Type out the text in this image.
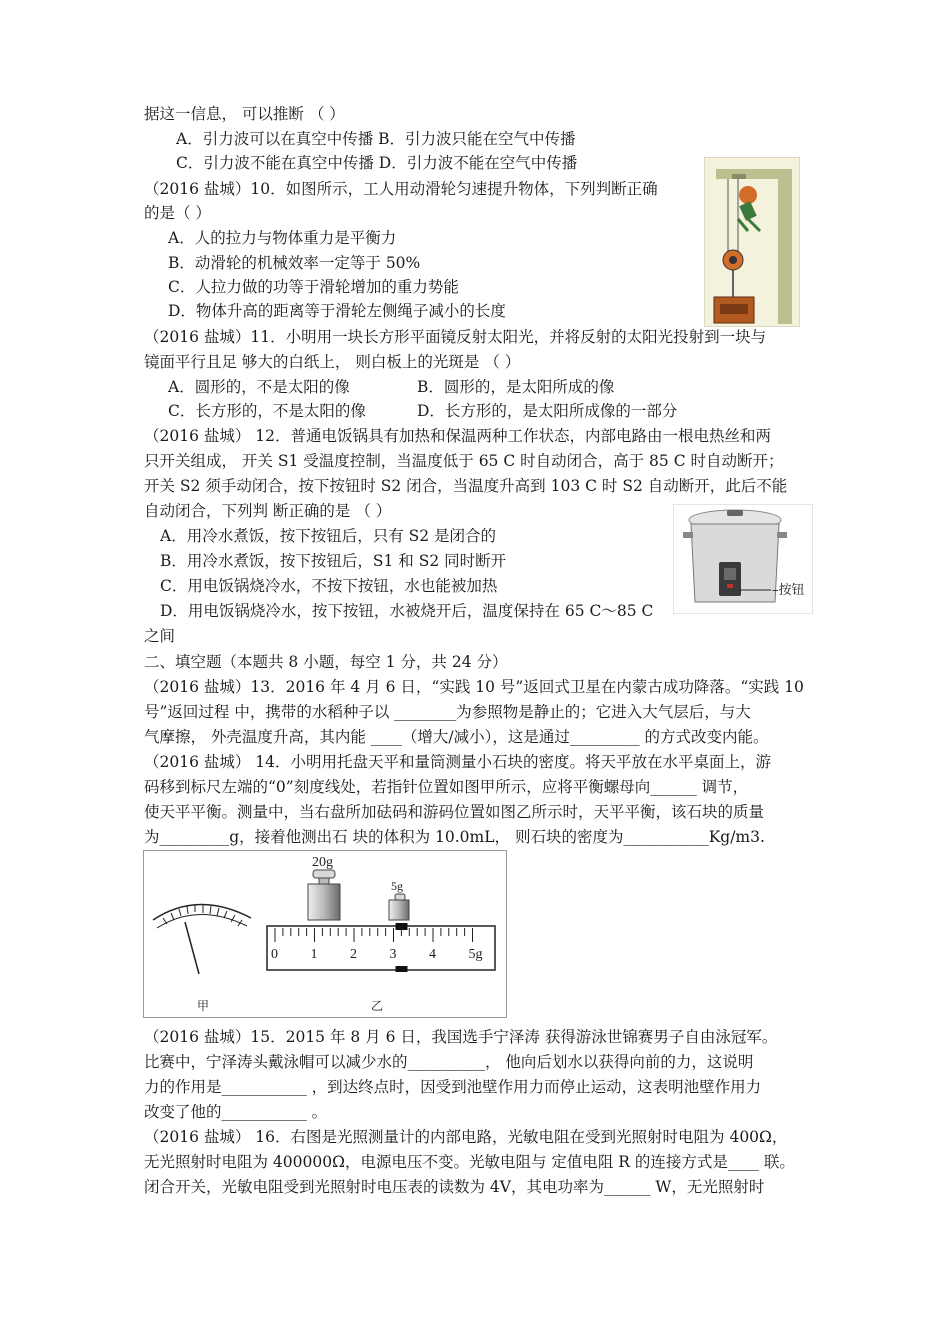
据这一信息， 可以推断 （ ）
A．引力波可以在真空中传播 B．引力波只能在空气中传播
C．引力波不能在真空中传播 D．引力波不能在空气中传播
（2016 盐城）10．如图所示，工人用动滑轮匀速提升物体，下列判断正确
的是（ ）
A．人的拉力与物体重力是平衡力
B．动滑轮的机械效率一定等于 50%
C．人拉力做的功等于滑轮增加的重力势能
D．物体升高的距离等于滑轮左侧绳子减小的长度
（2016 盐城）11．小明用一块长方形平面镜反射太阳光，并将反射的太阳光投射到一块与
镜面平行且足 够大的白纸上， 则白板上的光斑是 （ ）
A．圆形的，不是太阳的像	B．圆形的，是太阳所成的像
C．长方形的，不是太阳的像	D．长方形的，是太阳所成像的一部分
（2016 盐城） 12．普通电饭锅具有加热和保温两种工作状态，内部电路由一根电热丝和两
只开关组成， 开关 S1 受温度控制，当温度低于 65 C 时自动闭合，高于 85 C 时自动断开；
开关 S2 须手动闭合，按下按钮时 S2 闭合，当温度升高到 103 C 时 S2 自动断开，此后不能
自动闭合，下列判 断正确的是 （ ）
A．用冷水煮饭，按下按钮后，只有 S2 是闭合的
B．用冷水煮饭，按下按钮后，S1 和 S2 同时断开
C．用电饭锅烧冷水，不按下按钮，水也能被加热
D．用电饭锅烧冷水，按下按钮，水被烧开后，温度保持在 65 C～85 C
之间
–按钮
二、填空题（本题共 8 小题，每空 1 分，共 24 分）
（2016 盐城）13．2016 年 4 月 6 日，“实践 10 号”返回式卫星在内蒙古成功降落。“实践 10
号”返回过程 中，携带的水稻种子以 ________为参照物是静止的；它进入大气层后，与大
气摩擦， 外壳温度升高，其内能 ____（增大/减小），这是通过_________ 的方式改变内能。
（2016 盐城） 14．小明用托盘天平和量筒测量小石块的密度。将天平放在水平桌面上，游
码移到标尺左端的“0”刻度线处，若指针位置如图甲所示，应将平衡螺母向______ 调节，
使天平平衡。测量中，当右盘所加砝码和游码位置如图乙所示时，天平平衡，该石块的质量
为_________g，接着他测出石 块的体积为 10.0mL， 则石块的密度为___________Kg/m3.
甲
20g
5g
0 1 2 3 4 5g
乙
（2016 盐城）15．2015 年 8 月 6 日，我国选手宁泽涛 获得游泳世锦赛男子自由泳冠军。
比赛中，宁泽涛头戴泳帽可以减少水的__________， 他向后划水以获得向前的力，这说明
力的作用是___________ ，到达终点时，因受到池壁作用力而停止运动，这表明池壁作用力
改变了他的___________ 。
（2016 盐城） 16．右图是光照测量计的内部电路，光敏电阻在受到光照射时电阻为 400Ω，
无光照射时电阻为 400000Ω，电源电压不变。光敏电阻与 定值电阻 R 的连接方式是____ 联。
闭合开关，光敏电阻受到光照射时电压表的读数为 4V，其电功率为______ W，无光照射时
